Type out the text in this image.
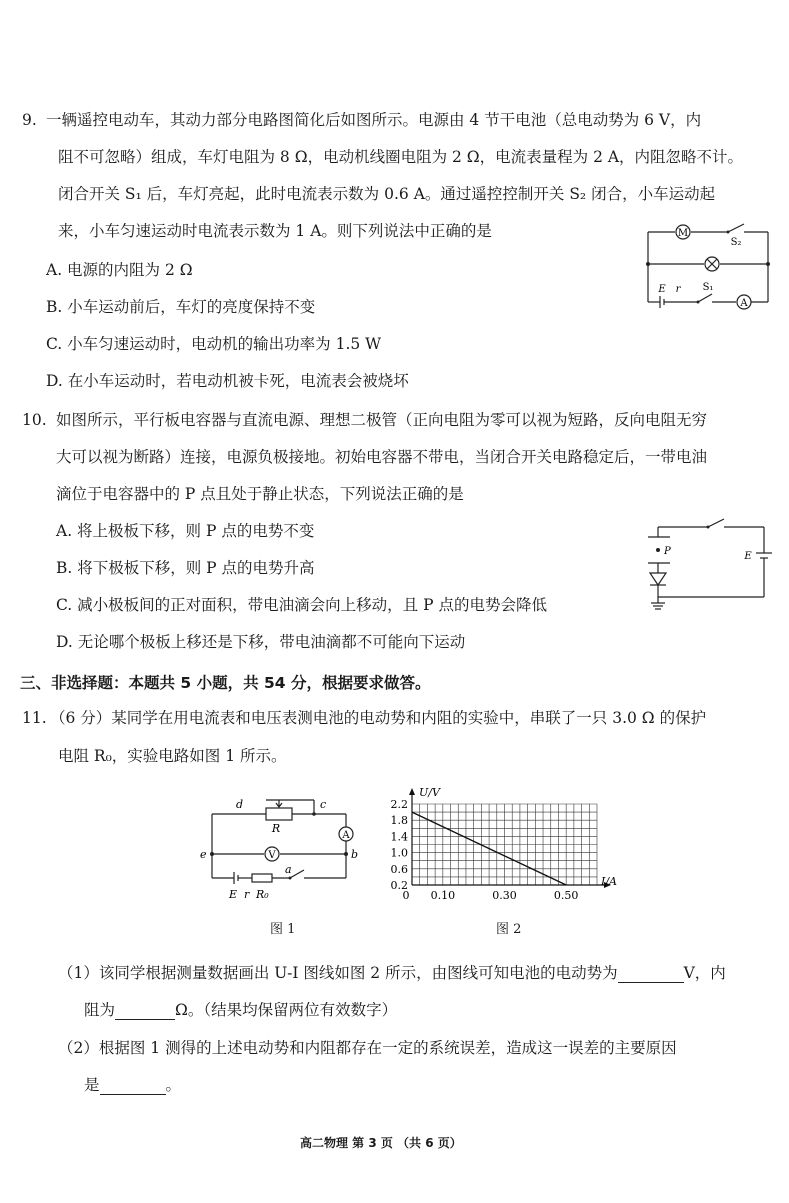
9. 一辆遥控电动车，其动力部分电路图简化后如图所示。电源由 4 节干电池（总电动势为 6 V，内
阻不可忽略）组成，车灯电阻为 8 Ω，电动机线圈电阻为 2 Ω，电流表量程为 2 A，内阻忽略不计。
闭合开关 S₁ 后，车灯亮起，此时电流表示数为 0.6 A。通过遥控控制开关 S₂ 闭合，小车运动起
来，小车匀速运动时电流表示数为 1 A。则下列说法中正确的是
A. 电源的内阻为 2 Ω
B. 小车运动前后，车灯的亮度保持不变
C. 小车匀速运动时，电动机的输出功率为 1.5 W
D. 在小车运动时，若电动机被卡死，电流表会被烧坏
M
S₂
E r S₁
A
10. 如图所示，平行板电容器与直流电源、理想二极管（正向电阻为零可以视为短路，反向电阻无穷
大可以视为断路）连接，电源负极接地。初始电容器不带电，当闭合开关电路稳定后，一带电油
滴位于电容器中的 P 点且处于静止状态，下列说法正确的是
A. 将上极板下移，则 P 点的电势不变
B. 将下极板下移，则 P 点的电势升高
C. 减小极板间的正对面积，带电油滴会向上移动，且 P 点的电势会降低
D. 无论哪个极板上移还是下移，带电油滴都不可能向下运动
P	E
三、非选择题：本题共 5 小题，共 54 分，根据要求做答。
11. （6 分）某同学在用电流表和电压表测电池的电动势和内阻的实验中，串联了一只 3.0 Ω 的保护
电阻 R₀，实验电路如图 1 所示。
d	c
R
A
e	b
V
a
E r R₀
图 1
2.2
1.8
1.4
1.0
0.6
0.2
0 0.10	0.30	0.50
U/V
I/A
图 2
（1）该同学根据测量数据画出 U-I 图线如图 2 所示，由图线可知电池的电动势为	V，内
阻为	Ω。（结果均保留两位有效数字）
（2）根据图 1 测得的上述电动势和内阻都存在一定的系统误差，造成这一误差的主要原因
是	。
高二物理 第 3 页 （共 6 页）
